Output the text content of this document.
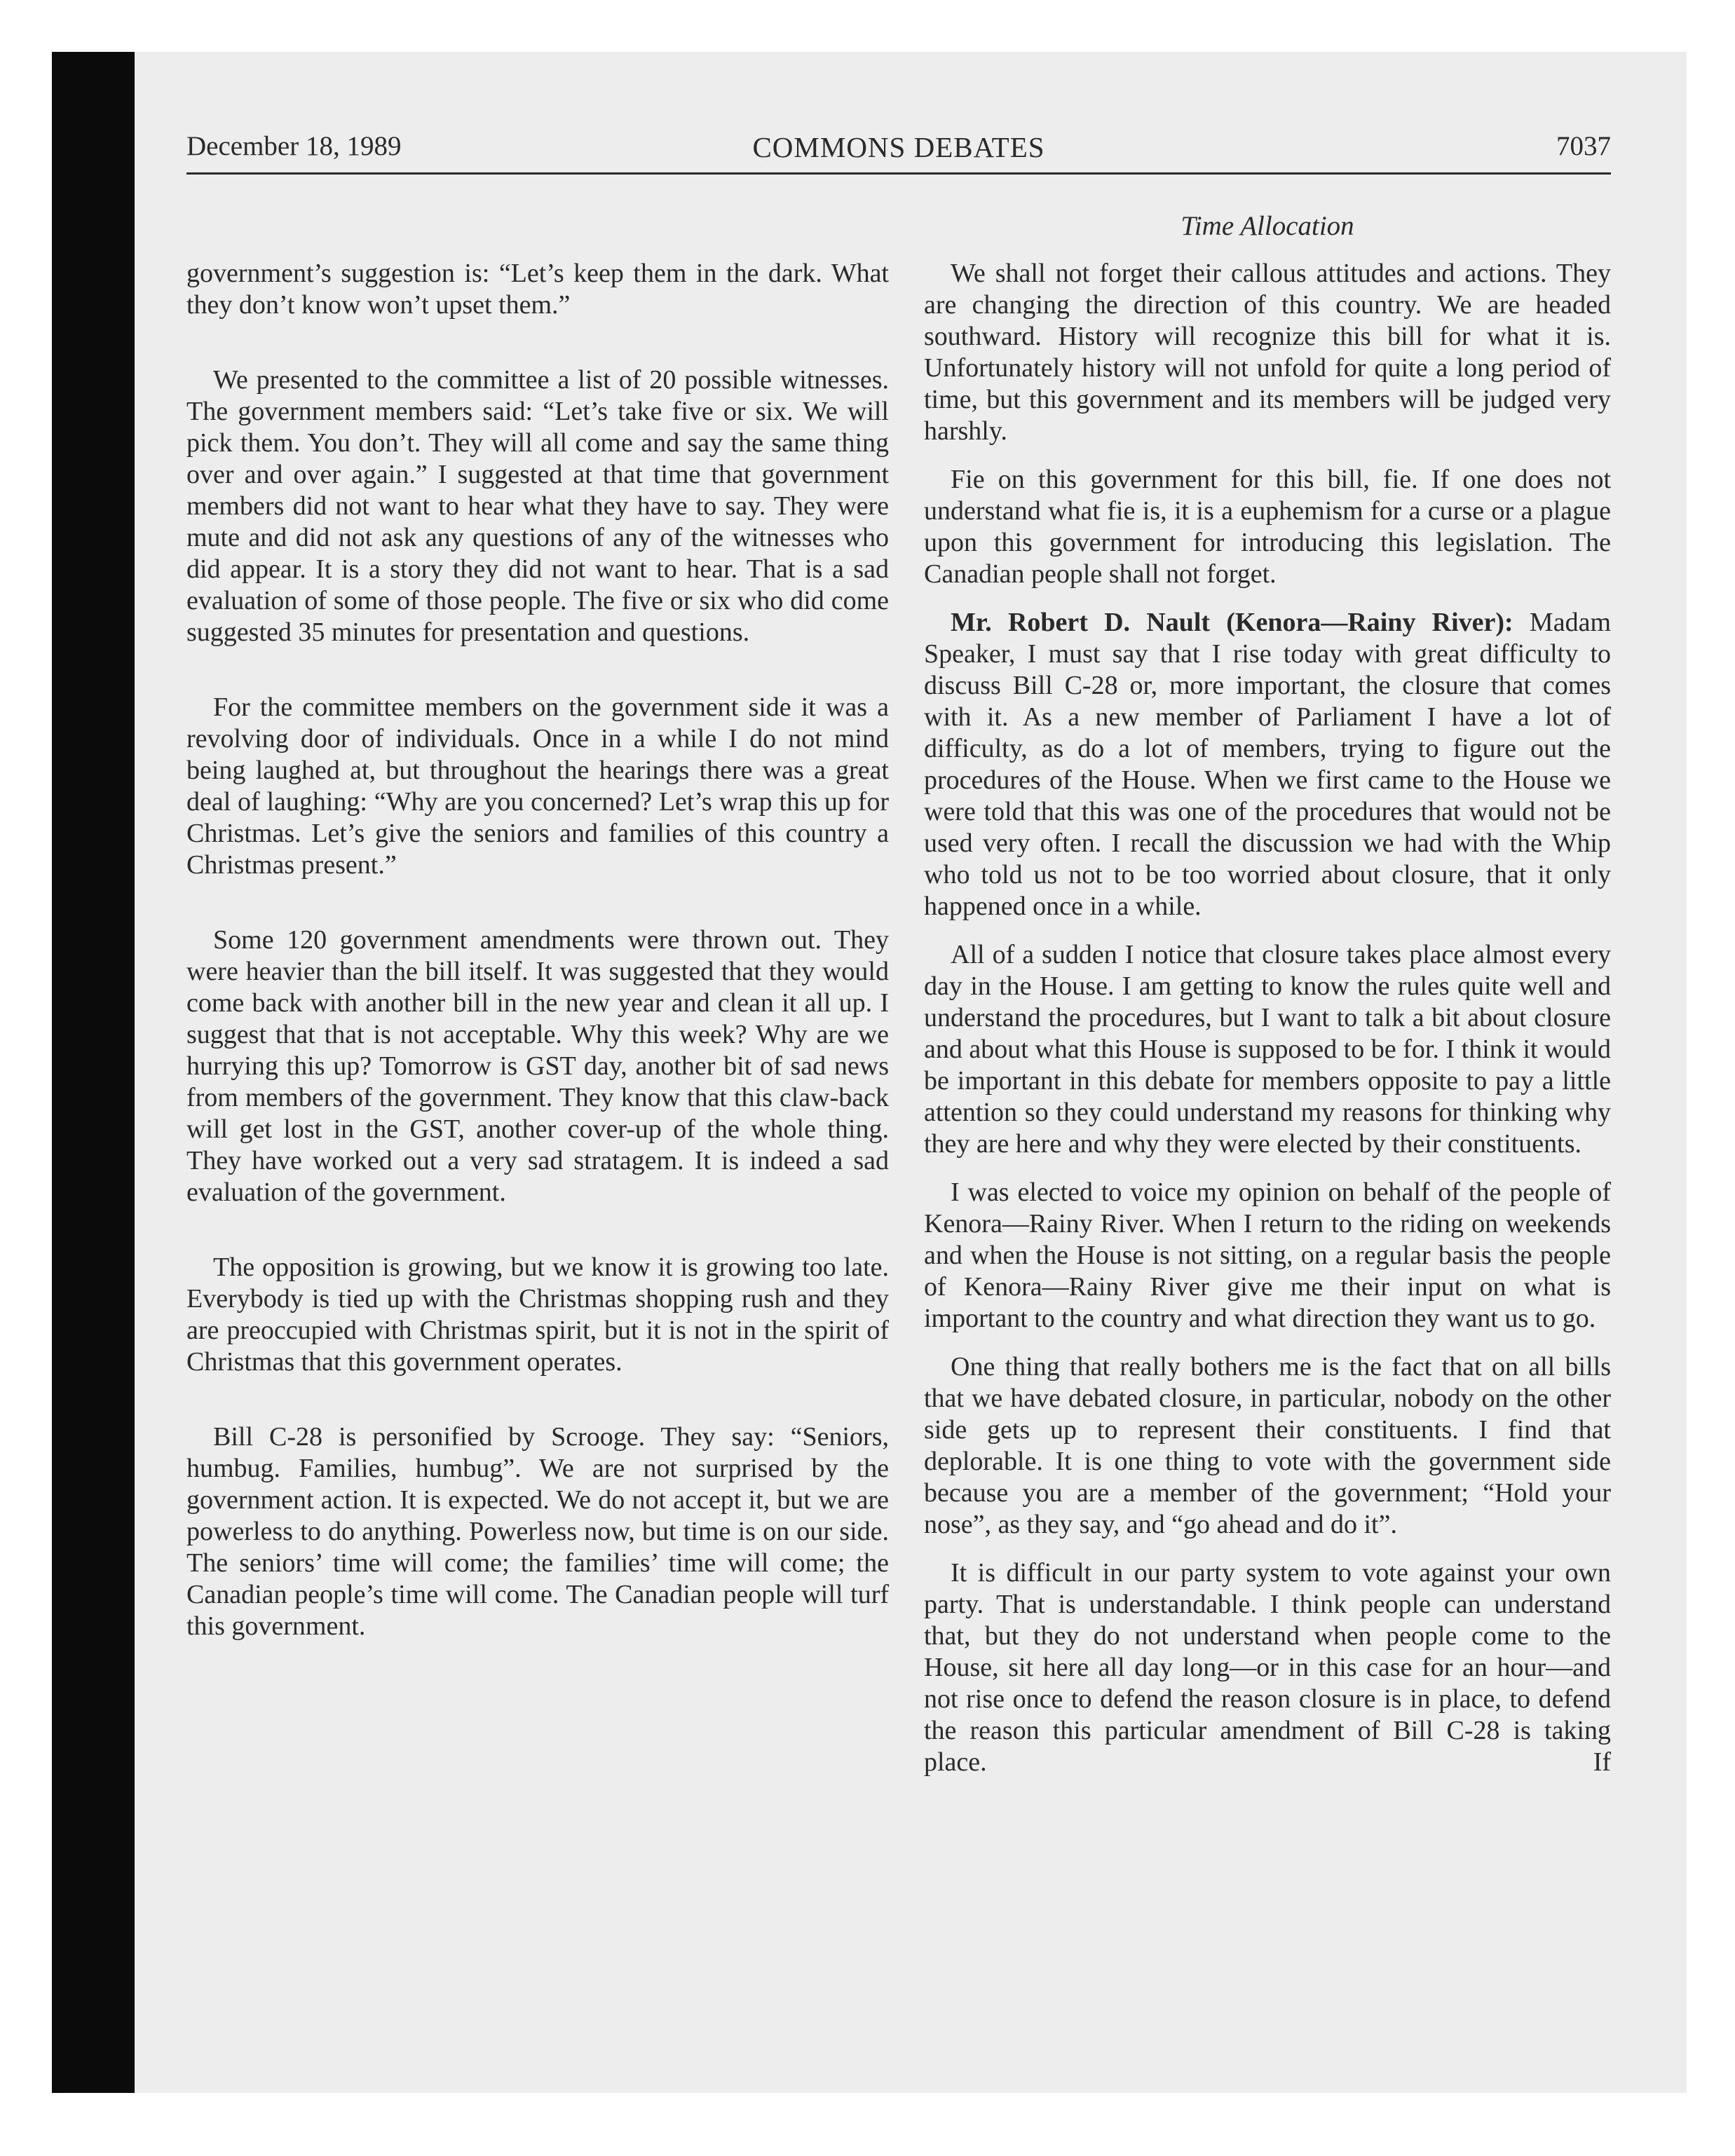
December 18, 1989	COMMONS DEBATES	7037
Time Allocation

government’s suggestion is: “Let’s keep them in the dark. What they don’t know won’t upset them.”

We presented to the committee a list of 20 possible witnesses. The government members said: “Let’s take five or six. We will pick them. You don’t. They will all come and say the same thing over and over again.” I suggested at that time that government members did not want to hear what they have to say. They were mute and did not ask any questions of any of the witnesses who did appear. It is a story they did not want to hear. That is a sad evaluation of some of those people. The five or six who did come suggested 35 minutes for presentation and questions.

For the committee members on the government side it was a revolving door of individuals. Once in a while I do not mind being laughed at, but throughout the hearings there was a great deal of laughing: “Why are you concerned? Let’s wrap this up for Christmas. Let’s give the seniors and families of this country a Christmas present.”

Some 120 government amendments were thrown out. They were heavier than the bill itself. It was suggested that they would come back with another bill in the new year and clean it all up. I suggest that that is not acceptable. Why this week? Why are we hurrying this up? Tomorrow is GST day, another bit of sad news from members of the government. They know that this claw-back will get lost in the GST, another cover-up of the whole thing. They have worked out a very sad stratagem. It is indeed a sad evaluation of the government.

The opposition is growing, but we know it is growing too late. Everybody is tied up with the Christmas shopping rush and they are preoccupied with Christmas spirit, but it is not in the spirit of Christmas that this government operates.

Bill C-28 is personified by Scrooge. They say: “Seniors, humbug. Families, humbug”. We are not surprised by the government action. It is expected. We do not accept it, but we are powerless to do anything. Powerless now, but time is on our side. The seniors’ time will come; the families’ time will come; the Canadian people’s time will come. The Canadian people will turf this government.

We shall not forget their callous attitudes and actions. They are changing the direction of this country. We are headed southward. History will recognize this bill for what it is. Unfortunately history will not unfold for quite a long period of time, but this government and its members will be judged very harshly.

Fie on this government for this bill, fie. If one does not understand what fie is, it is a euphemism for a curse or a plague upon this government for introducing this legislation. The Canadian people shall not forget.

Mr. Robert D. Nault (Kenora—Rainy River): Madam Speaker, I must say that I rise today with great difficulty to discuss Bill C-28 or, more important, the closure that comes with it. As a new member of Parliament I have a lot of difficulty, as do a lot of members, trying to figure out the procedures of the House. When we first came to the House we were told that this was one of the procedures that would not be used very often. I recall the discussion we had with the Whip who told us not to be too worried about closure, that it only happened once in a while.

All of a sudden I notice that closure takes place almost every day in the House. I am getting to know the rules quite well and understand the procedures, but I want to talk a bit about closure and about what this House is supposed to be for. I think it would be important in this debate for members opposite to pay a little attention so they could understand my reasons for thinking why they are here and why they were elected by their constituents.

I was elected to voice my opinion on behalf of the people of Kenora—Rainy River. When I return to the riding on weekends and when the House is not sitting, on a regular basis the people of Kenora—Rainy River give me their input on what is important to the country and what direction they want us to go.

One thing that really bothers me is the fact that on all bills that we have debated closure, in particular, nobody on the other side gets up to represent their constituents. I find that deplorable. It is one thing to vote with the government side because you are a member of the government; “Hold your nose”, as they say, and “go ahead and do it”.

It is difficult in our party system to vote against your own party. That is understandable. I think people can understand that, but they do not understand when people come to the House, sit here all day long—or in this case for an hour—and not rise once to defend the reason closure is in place, to defend the reason this particular amendment of Bill C-28 is taking place. If
